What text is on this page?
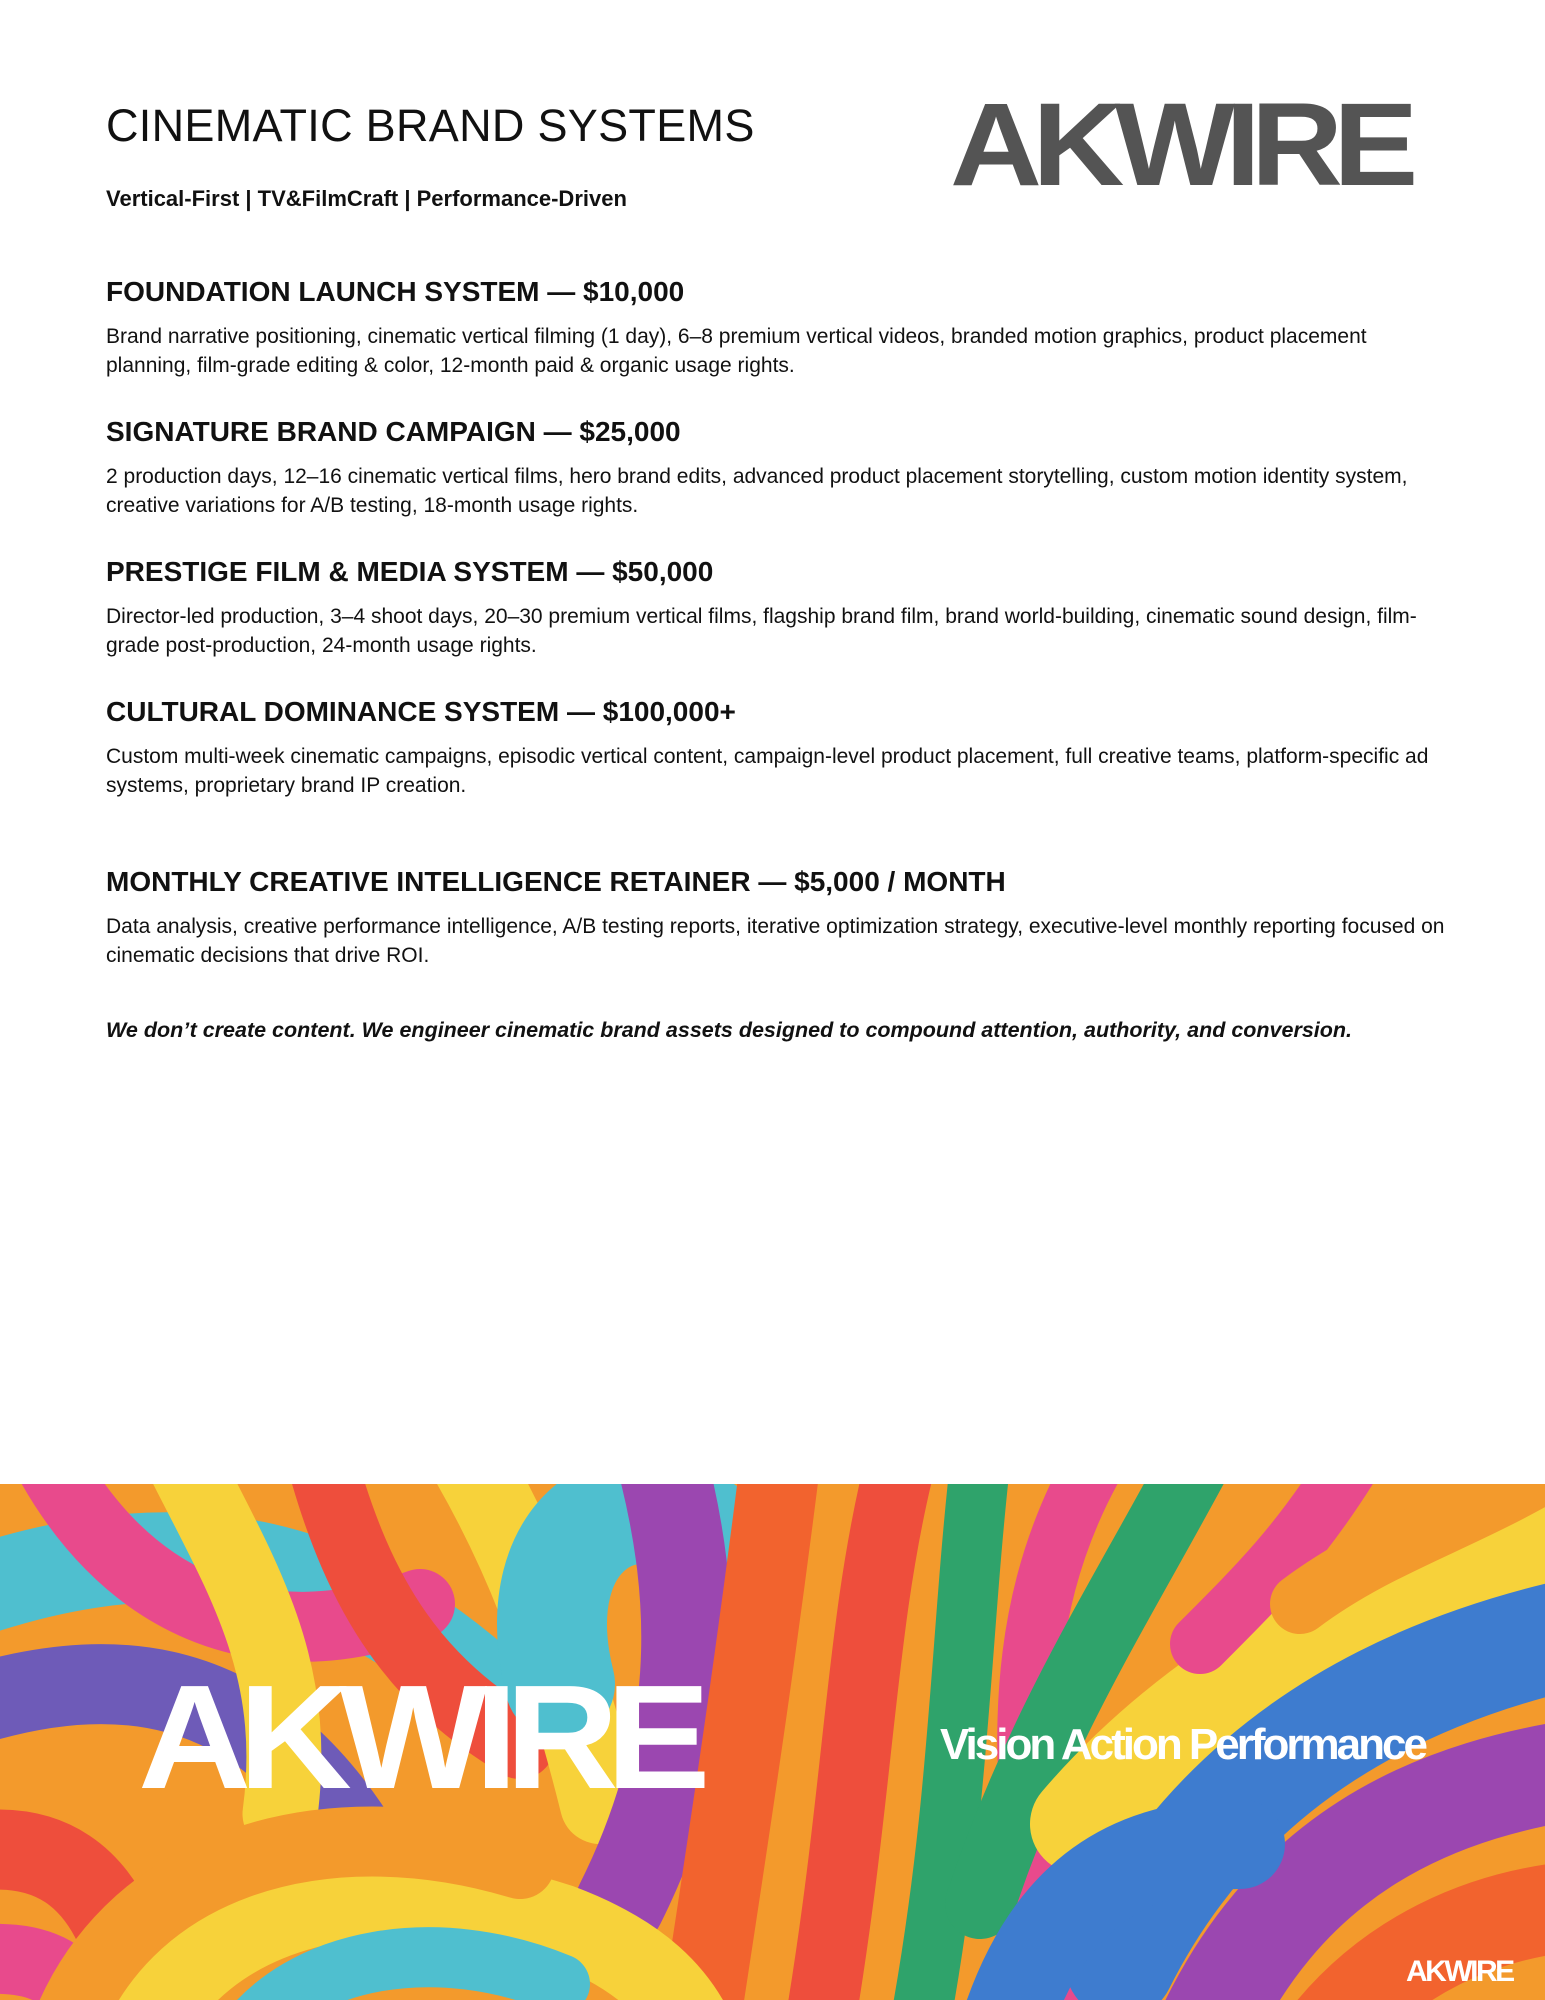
CINEMATIC BRAND SYSTEMS

Vertical-First | TV&FilmCraft | Performance-Driven	AKWIRE
FOUNDATION LAUNCH SYSTEM — $10,000

Brand narrative positioning, cinematic vertical filming (1 day), 6–8 premium vertical videos, branded motion graphics, product placement planning, film-grade editing & color, 12-month paid & organic usage rights.

SIGNATURE BRAND CAMPAIGN — $25,000

2 production days, 12–16 cinematic vertical films, hero brand edits, advanced product placement storytelling, custom motion identity system, creative variations for A/B testing, 18-month usage rights.

PRESTIGE FILM & MEDIA SYSTEM — $50,000

Director-led production, 3–4 shoot days, 20–30 premium vertical films, flagship brand film, brand world-building, cinematic sound design, film-grade post-production, 24-month usage rights.

CULTURAL DOMINANCE SYSTEM — $100,000+

Custom multi-week cinematic campaigns, episodic vertical content, campaign-level product placement, full creative teams, platform-specific ad systems, proprietary brand IP creation.

MONTHLY CREATIVE INTELLIGENCE RETAINER — $5,000 / MONTH

Data analysis, creative performance intelligence, A/B testing reports, iterative optimization strategy, executive-level monthly reporting focused on cinematic decisions that drive ROI.

We don’t create content. We engineer cinematic brand assets designed to compound attention, authority, and conversion.

AKWIRE	Vision Action Performance
AKWIRE
